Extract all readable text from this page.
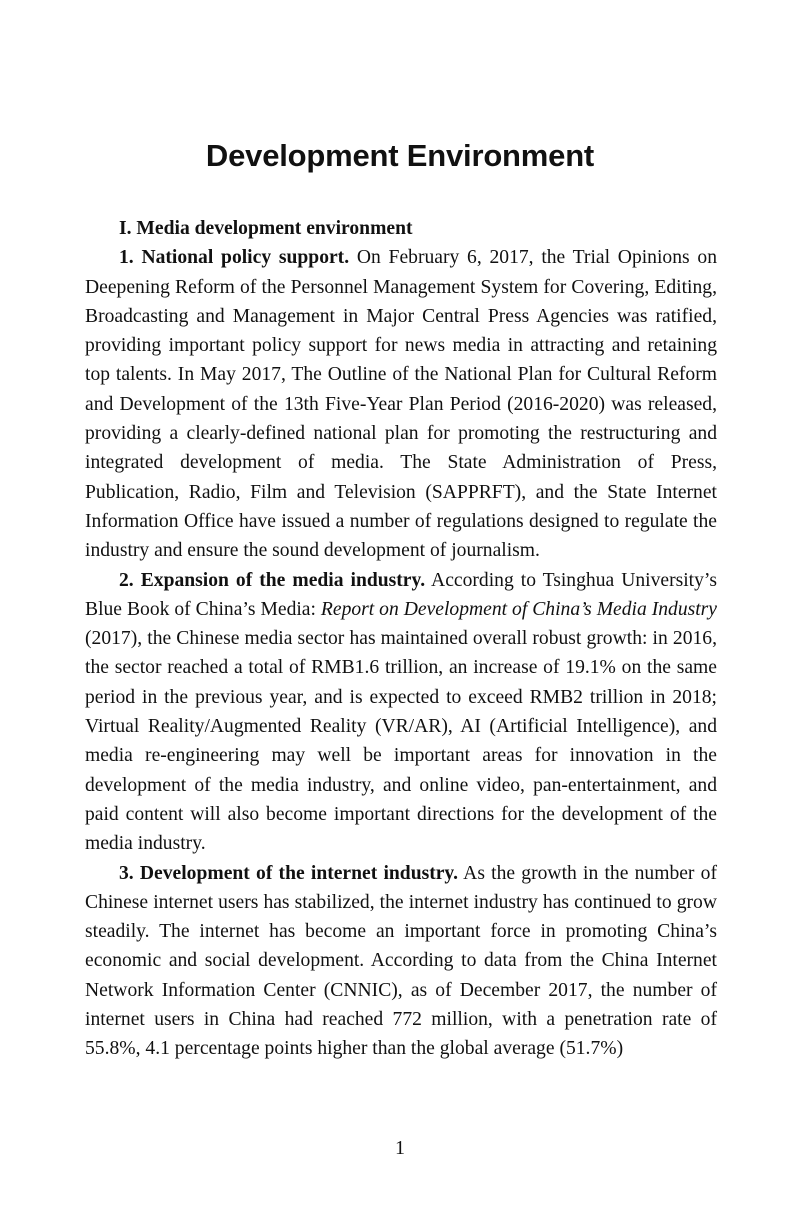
Development Environment

I. Media development environment

1. National policy support. On February 6, 2017, the Trial Opinions on Deepening Reform of the Personnel Management System for Covering, Editing, Broadcasting and Management in Major Central Press Agencies was ratified, providing important policy support for news media in attracting and retaining top talents. In May 2017, The Outline of the National Plan for Cultural Reform and Development of the 13th Five-Year Plan Period (2016-2020) was released, providing a clearly-defined national plan for promoting the restructuring and integrated development of media. The State Administration of Press, Publication, Radio, Film and Television (SAPPRFT), and the State Internet Information Office have issued a number of regulations designed to regulate the industry and ensure the sound development of journalism.

2. Expansion of the media industry. According to Tsinghua University’s Blue Book of China’s Media: Report on Development of China’s Media Industry (2017), the Chinese media sector has maintained overall robust growth: in 2016, the sector reached a total of RMB1.6 trillion, an increase of 19.1% on the same period in the previous year, and is expected to exceed RMB2 trillion in 2018; Virtual Reality/Augmented Reality (VR/AR), AI (Artificial Intelligence), and media re-engineering may well be important areas for innovation in the development of the media industry, and online video, pan-entertainment, and paid content will also become important directions for the development of the media industry.

3. Development of the internet industry. As the growth in the number of Chinese internet users has stabilized, the internet industry has continued to grow steadily. The internet has become an important force in promoting China’s economic and social development. According to data from the China Internet Network Information Center (CNNIC), as of December 2017, the number of internet users in China had reached 772 million, with a penetration rate of 55.8%, 4.1 percentage points higher than the global average (51.7%)

1
